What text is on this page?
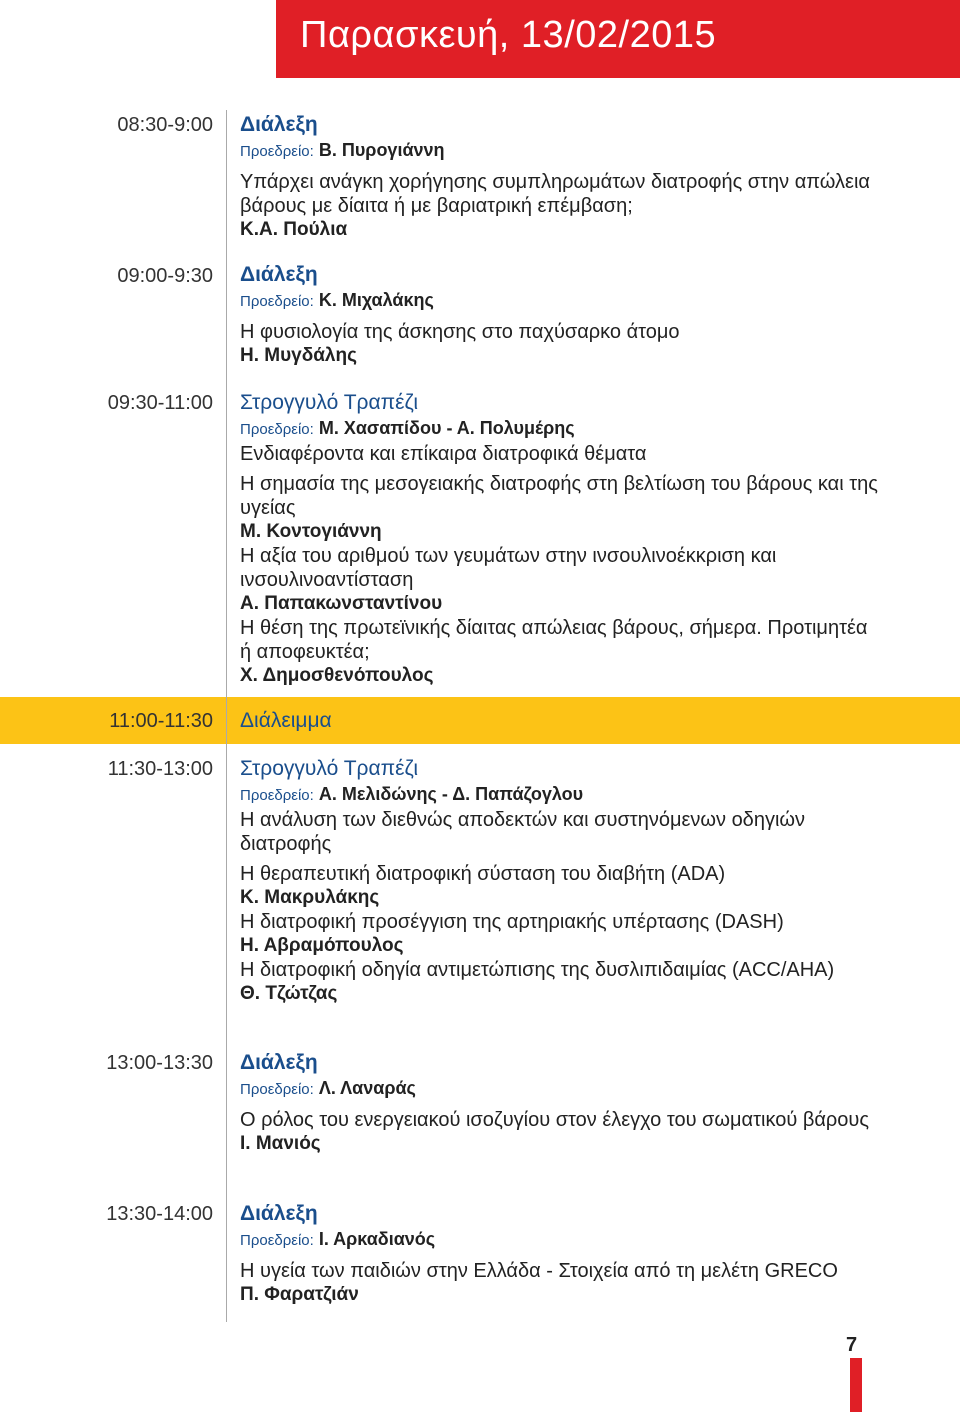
Παρασκευή, 13/02/2015
08:30-9:00 Διάλεξη
Προεδρείο: Β. Πυρογιάννη
Υπάρχει ανάγκη χορήγησης συμπληρωμάτων διατροφής στην απώλεια βάρους με δίαιτα ή με βαριατρική επέμβαση;
Κ.Α. Πούλια
09:00-9:30 Διάλεξη
Προεδρείο: Κ. Μιχαλάκης
Η φυσιολογία της άσκησης στο παχύσαρκο άτομο
Η. Μυγδάλης
09:30-11:00 Στρογγυλό Τραπέζι
Προεδρείο: Μ. Χασαπίδου - Α. Πολυμέρης
Ενδιαφέροντα και επίκαιρα διατροφικά θέματα
Η σημασία της μεσογειακής διατροφής στη βελτίωση του βάρους και της υγείας
Μ. Κοντογιάννη
Η αξία του αριθμού των γευμάτων στην ινσουλινοέκκριση και ινσουλινοαντίσταση
Α. Παπακωνσταντίνου
Η θέση της πρωτεϊνικής δίαιτας απώλειας βάρους, σήμερα. Προτιμητέα ή αποφευκτέα;
Χ. Δημοσθενόπουλος
11:00-11:30 Διάλειμμα
11:30-13:00 Στρογγυλό Τραπέζι
Προεδρείο: Α. Μελιδώνης - Δ. Παπάζογλου
Η ανάλυση των διεθνώς αποδεκτών και συστηνόμενων οδηγιών διατροφής
Η θεραπευτική διατροφική σύσταση του διαβήτη (ADA)
Κ. Μακρυλάκης
Η διατροφική προσέγγιση της αρτηριακής υπέρτασης (DASH)
Η. Αβραμόπουλος
Η διατροφική οδηγία αντιμετώπισης της δυσλιπιδαιμίας (ACC/AHA)
Θ. Τζώτζας
13:00-13:30 Διάλεξη
Προεδρείο: Λ. Λαναράς
Ο ρόλος του ενεργειακού ισοζυγίου στον έλεγχο του σωματικού βάρους
Ι. Μανιός
13:30-14:00 Διάλεξη
Προεδρείο: Ι. Αρκαδιανός
Η υγεία των παιδιών στην Ελλάδα - Στοιχεία από τη μελέτη GRECO
Π. Φαρατζιάν
7
